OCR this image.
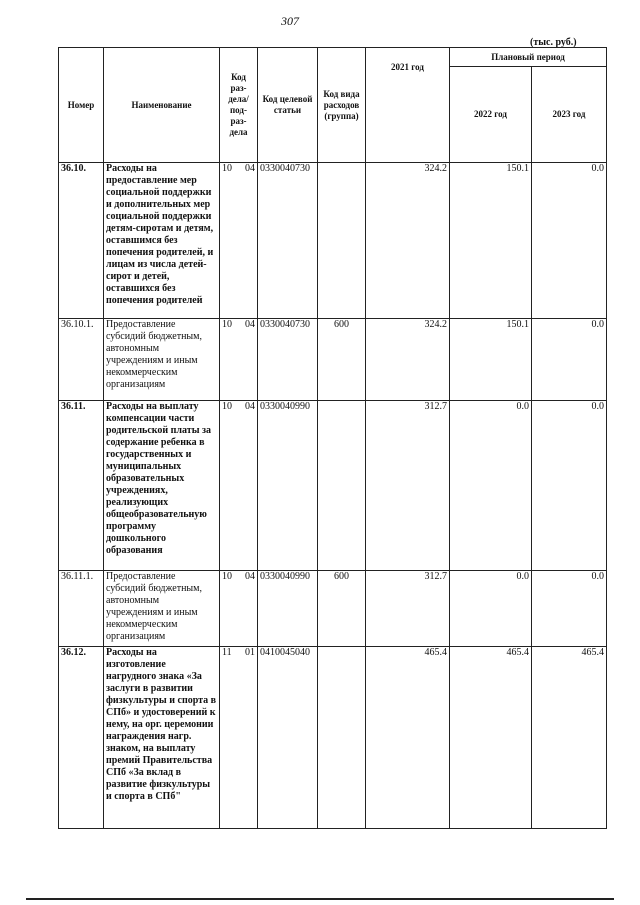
307
(тыс. руб.)
Номер	Наименование	Код раз-дела/ под-раз-дела	Код целевой статьи	Код вида расходов (группа)	2021 год	Плановый период	
						2022 год	2023 год
36.10.	Расходы на предоставление мер социальной поддержки и дополнительных мер социальной поддержки детям-сиротам и детям, оставшимся без попечения родителей, и лицам из числа детей-сирот и детей, оставшихся без попечения родителей	10 04	0330040730		324.2	150.1	0.0
36.10.1.	Предоставление субсидий бюджетным, автономным учреждениям и иным некоммерческим организациям	10 04	0330040730	600	324.2	150.1	0.0
36.11.	Расходы на выплату компенсации части родительской платы за содержание ребенка в государственных и муниципальных образовательных учреждениях, реализующих общеобразовательную программу дошкольного образования	10 04	0330040990		312.7	0.0	0.0
36.11.1.	Предоставление субсидий бюджетным, автономным учреждениям и иным некоммерческим организациям	10 04	0330040990	600	312.7	0.0	0.0
36.12.	Расходы на изготовление нагрудного знака «За заслуги в развитии физкультуры и спорта в СПб» и удостоверений к нему, на орг. церемонии награждения нагр. знаком, на выплату премий Правительства СПб «За вклад в развитие физкультуры и спорта в СПб"	11 01	0410045040		465.4	465.4	465.4
